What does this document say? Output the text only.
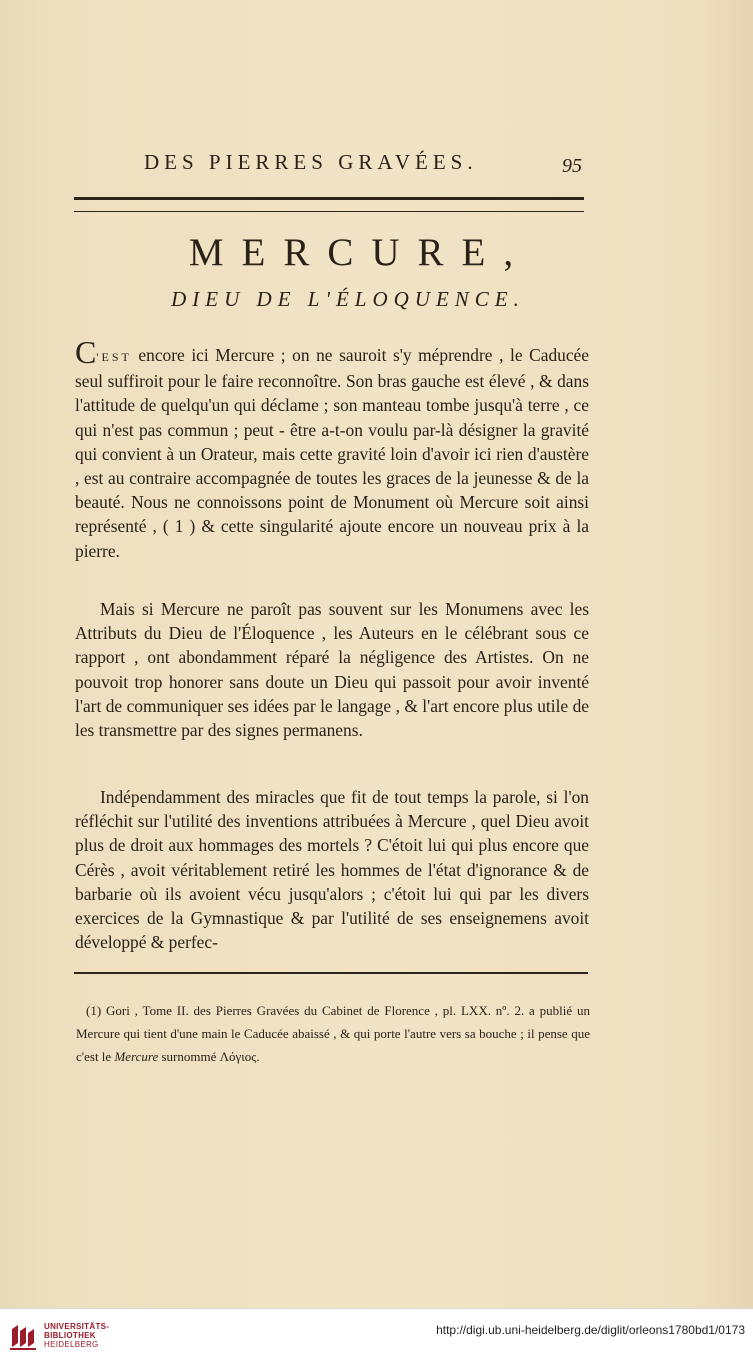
DES PIERRES GRAVÉES.	95
MERCURE,
DIEU DE L'ÉLOQUENCE.
C'EST encore ici Mercure ; on ne sauroit s'y méprendre , le Caducée seul suffiroit pour le faire reconnoître. Son bras gauche est élevé , & dans l'attitude de quelqu'un qui déclame ; son manteau tombe jusqu'à terre , ce qui n'est pas commun ; peut - être a-t-on voulu par-là désigner la gravité qui convient à un Orateur, mais cette gravité loin d'avoir ici rien d'austère , est au contraire accompagnée de toutes les graces de la jeunesse & de la beauté. Nous ne connoissons point de Monument où Mercure soit ainsi représenté , ( 1 ) & cette singularité ajoute encore un nouveau prix à la pierre.
Mais si Mercure ne paroît pas souvent sur les Monumens avec les Attributs du Dieu de l'Éloquence , les Auteurs en le célébrant sous ce rapport , ont abondamment réparé la négligence des Artistes. On ne pouvoit trop honorer sans doute un Dieu qui passoit pour avoir inventé l'art de communiquer ses idées par le langage , & l'art encore plus utile de les transmettre par des signes permanens.
Indépendamment des miracles que fit de tout temps la parole, si l'on réfléchit sur l'utilité des inventions attribuées à Mercure , quel Dieu avoit plus de droit aux hommages des mortels ? C'étoit lui qui plus encore que Cérès , avoit véritablement retiré les hommes de l'état d'ignorance & de barbarie où ils avoient vécu jusqu'alors ; c'étoit lui qui par les divers exercices de la Gymnastique & par l'utilité de ses enseignemens avoit développé & perfec-
(1) Gori , Tome II. des Pierres Gravées du Cabinet de Florence , pl. LXX. nº. 2. a publié un Mercure qui tient d'une main le Caducée abaissé , & qui porte l'autre vers sa bouche ; il pense que c'est le Mercure surnommé Λόγιος.
UNIVERSITÄTS-
BIBLIOTHEK
HEIDELBERG
http://digi.ub.uni-heidelberg.de/diglit/orleons1780bd1/0173
